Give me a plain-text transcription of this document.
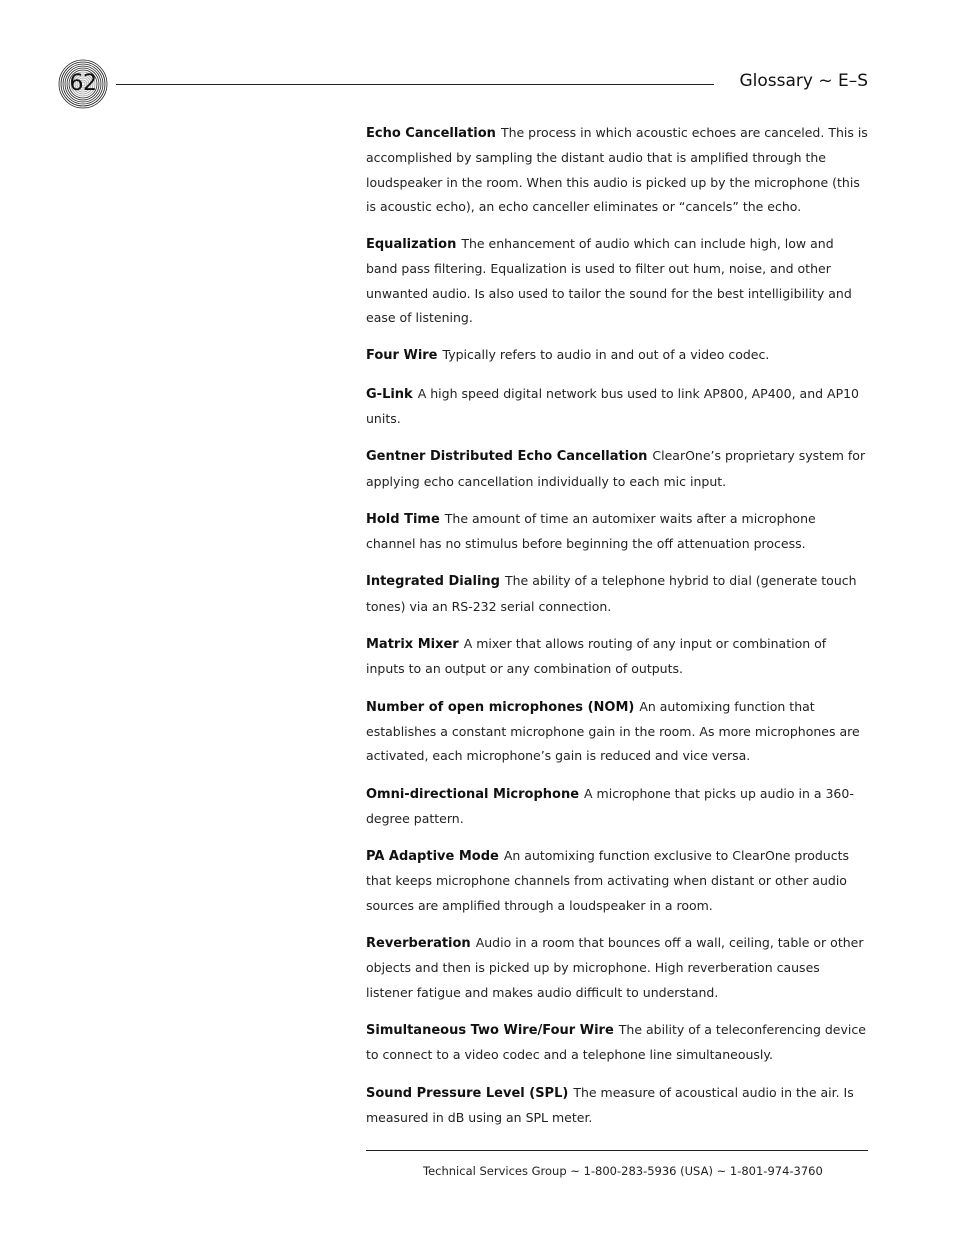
62	Glossary ~ E–S

Echo Cancellation The process in which acoustic echoes are canceled. This is accomplished by sampling the distant audio that is amplified through the loudspeaker in the room. When this audio is picked up by the microphone (this is acoustic echo), an echo canceller eliminates or “cancels” the echo.

Equalization The enhancement of audio which can include high, low and band pass filtering. Equalization is used to filter out hum, noise, and other unwanted audio. Is also used to tailor the sound for the best intelligibility and ease of listening.

Four Wire Typically refers to audio in and out of a video codec.

G-Link A high speed digital network bus used to link AP800, AP400, and AP10 units.

Gentner Distributed Echo Cancellation ClearOne’s proprietary system for applying echo cancellation individually to each mic input.

Hold Time The amount of time an automixer waits after a microphone channel has no stimulus before beginning the off attenuation process.

Integrated Dialing The ability of a telephone hybrid to dial (generate touch tones) via an RS-232 serial connection.

Matrix Mixer A mixer that allows routing of any input or combination of inputs to an output or any combination of outputs.

Number of open microphones (NOM) An automixing function that establishes a constant microphone gain in the room. As more microphones are activated, each microphone’s gain is reduced and vice versa.

Omni-directional Microphone A microphone that picks up audio in a 360-degree pattern.

PA Adaptive Mode An automixing function exclusive to ClearOne products that keeps microphone channels from activating when distant or other audio sources are amplified through a loudspeaker in a room.

Reverberation Audio in a room that bounces off a wall, ceiling, table or other objects and then is picked up by microphone. High reverberation causes listener fatigue and makes audio difficult to understand.

Simultaneous Two Wire/Four Wire The ability of a teleconferencing device to connect to a video codec and a telephone line simultaneously.

Sound Pressure Level (SPL) The measure of acoustical audio in the air. Is measured in dB using an SPL meter.

Technical Services Group ~ 1-800-283-5936 (USA) ~ 1-801-974-3760
